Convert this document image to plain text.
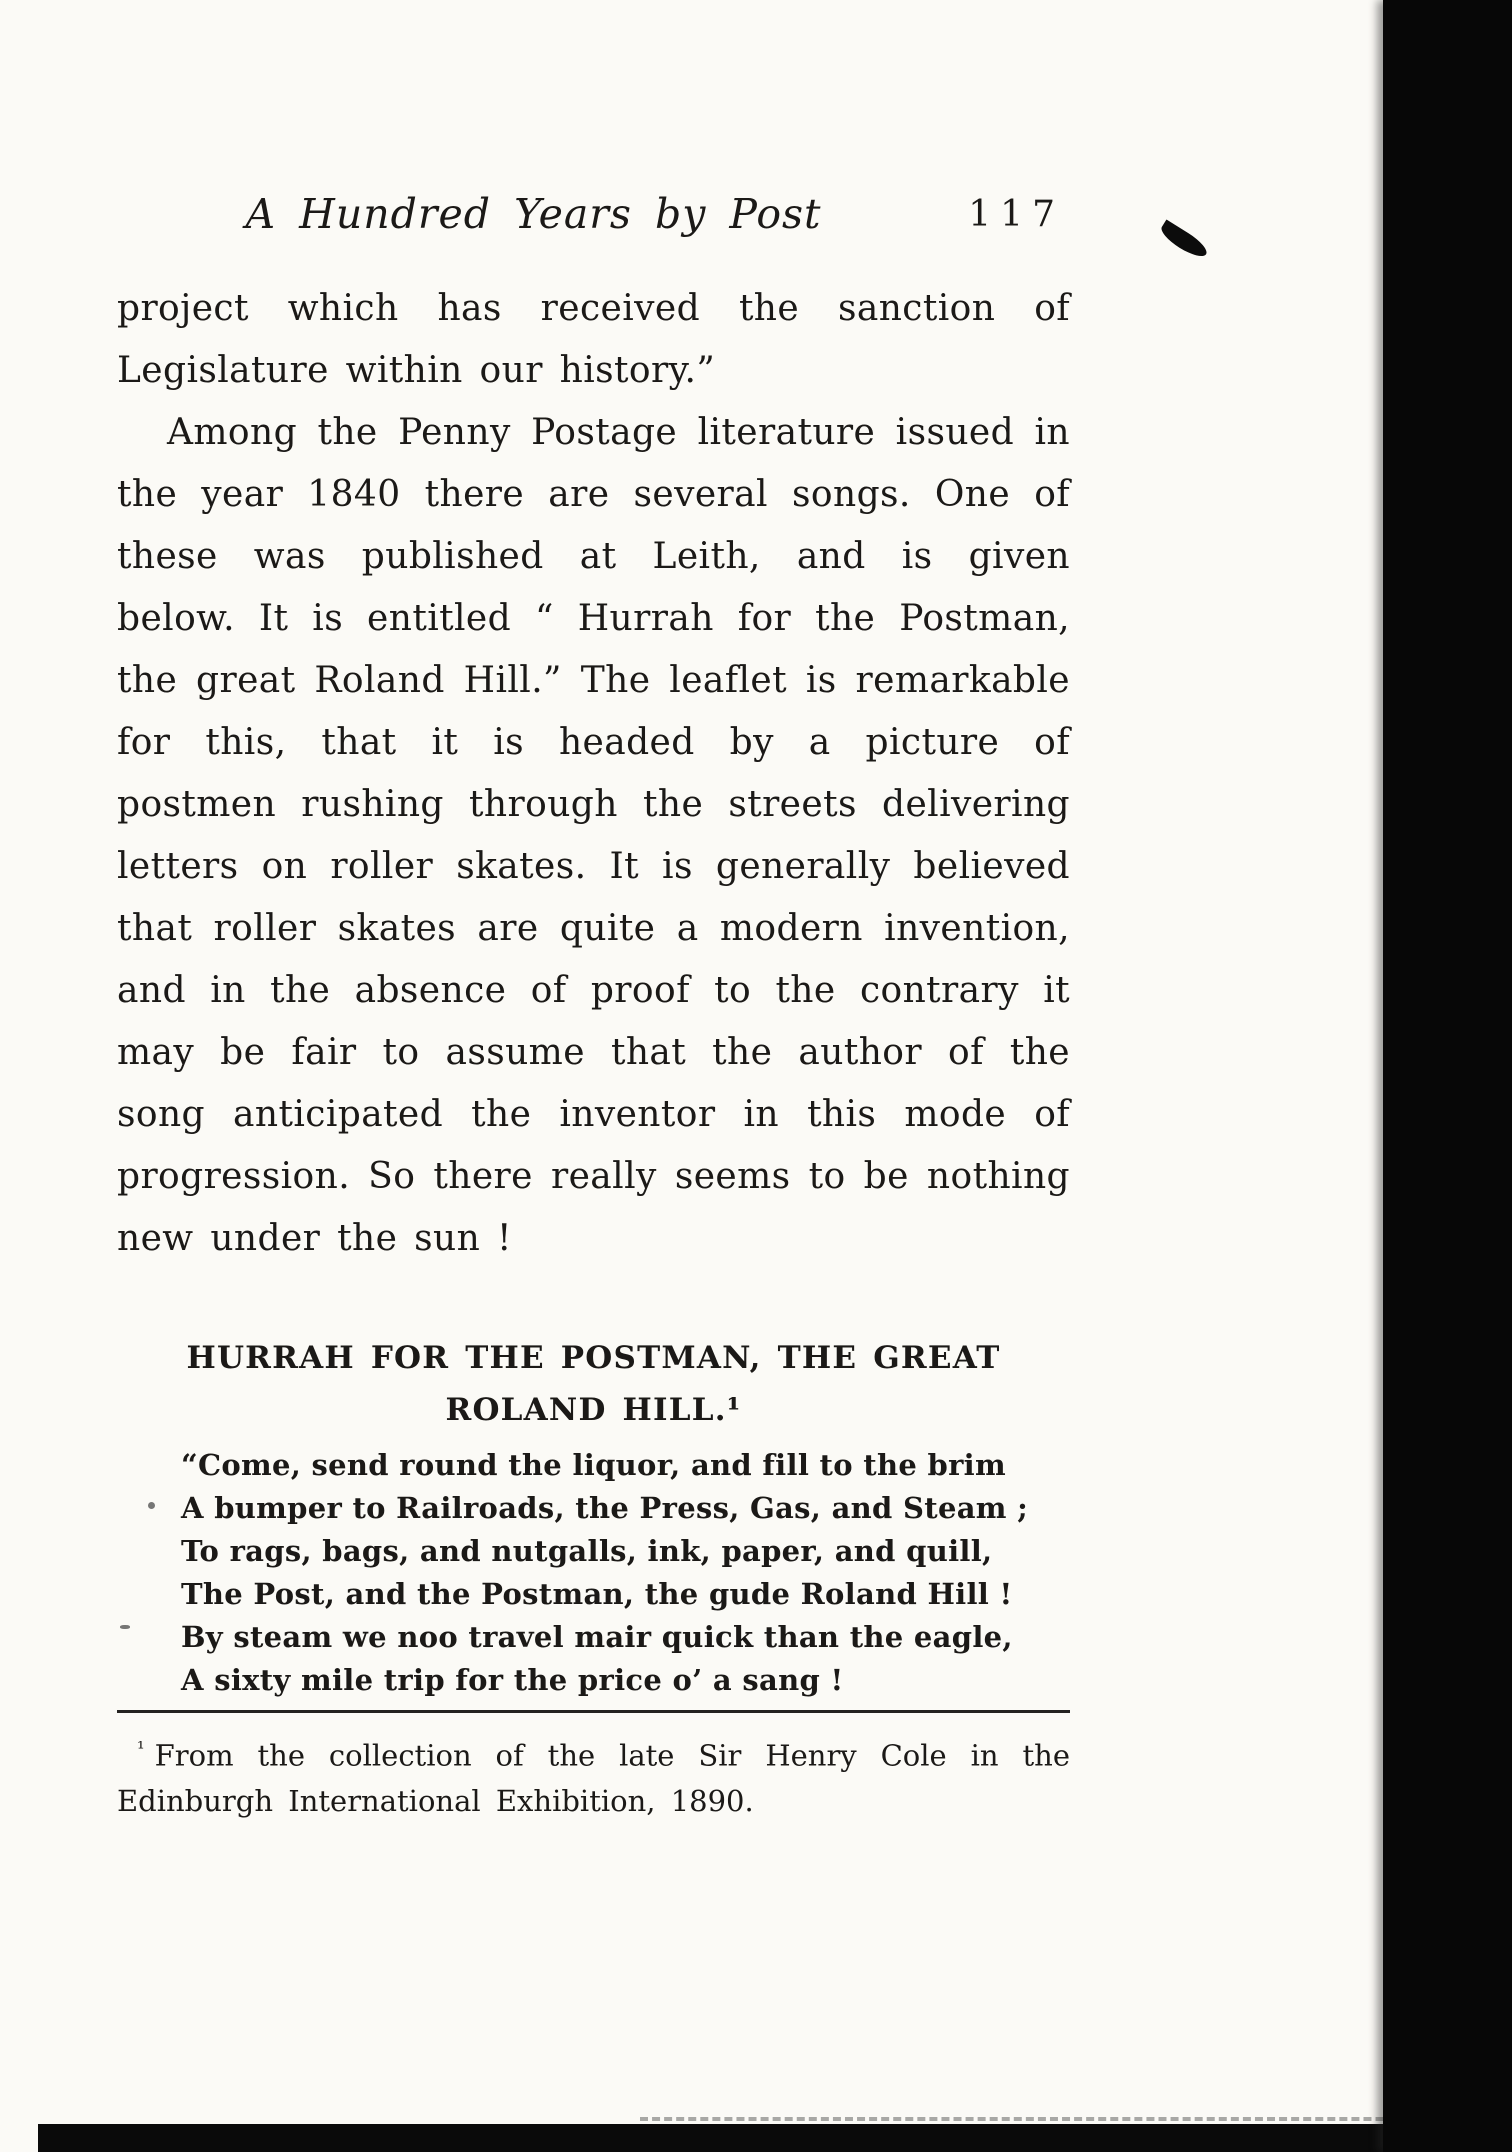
A Hundred Years by Post	117

project which has received the sanction of Legislature within our history.”

Among the Penny Postage literature issued in the year 1840 there are several songs. One of these was published at Leith, and is given below. It is entitled “ Hurrah for the Postman, the great Roland Hill.” The leaflet is remarkable for this, that it is headed by a picture of postmen rushing through the streets delivering letters on roller skates. It is generally believed that roller skates are quite a modern invention, and in the absence of proof to the contrary it may be fair to assume that the author of the song anticipated the inventor in this mode of progression. So there really seems to be nothing new under the sun !

HURRAH FOR THE POSTMAN, THE GREAT
ROLAND HILL.¹
“Come, send round the liquor, and fill to the brim
A bumper to Railroads, the Press, Gas, and Steam ;
To rags, bags, and nutgalls, ink, paper, and quill,
The Post, and the Postman, the gude Roland Hill !
By steam we noo travel mair quick than the eagle,
A sixty mile trip for the price o’ a sang !

$^{^1}$ From the collection of the late Sir Henry Cole in the Edinburgh International Exhibition, 1890.
